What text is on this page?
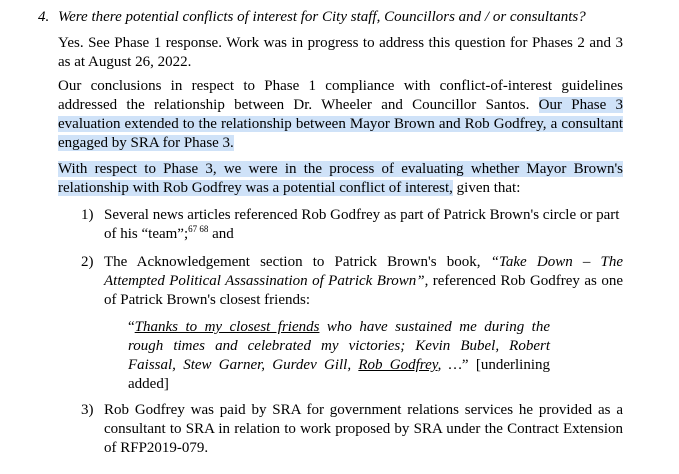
4. Were there potential conflicts of interest for City staff, Councillors and / or consultants?

Yes. See Phase 1 response. Work was in progress to address this question for Phases 2 and 3 as at August 26, 2022.

Our conclusions in respect to Phase 1 compliance with conflict-of-interest guidelines addressed the relationship between Dr. Wheeler and Councillor Santos. Our Phase 3 evaluation extended to the relationship between Mayor Brown and Rob Godfrey, a consultant engaged by SRA for Phase 3.

With respect to Phase 3, we were in the process of evaluating whether Mayor Brown's relationship with Rob Godfrey was a potential conflict of interest, given that:

1) Several news articles referenced Rob Godfrey as part of Patrick Brown's circle or part of his “team”;$^{67 68}$ and
2) The Acknowledgement section to Patrick Brown's book, “Take Down – The Attempted Political Assassination of Patrick Brown”, referenced Rob Godfrey as one of Patrick Brown's closest friends:

“Thanks to my closest friends who have sustained me during the rough times and celebrated my victories; Kevin Bubel, Robert Faissal, Stew Garner, Gurdev Gill, Rob Godfrey, …” [underlining added]

3) Rob Godfrey was paid by SRA for government relations services he provided as a consultant to SRA in relation to work proposed by SRA under the Contract Extension of RFP2019-079.
